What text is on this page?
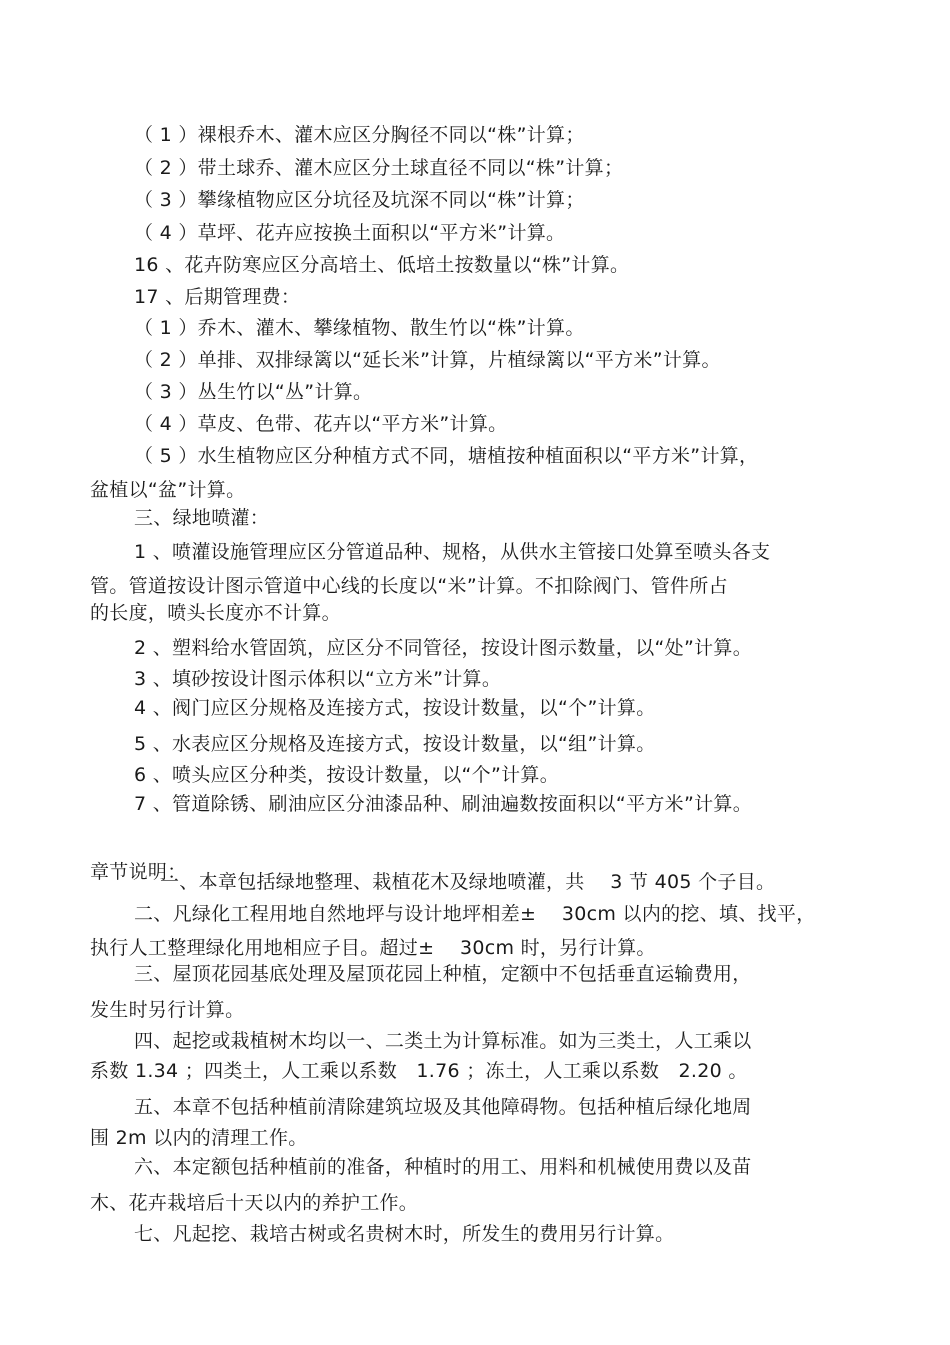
（ 1 ）裸根乔木、灌木应区分胸径不同以“株”计算；
（ 2 ）带土球乔、灌木应区分土球直径不同以“株”计算；
（ 3 ）攀缘植物应区分坑径及坑深不同以“株”计算；
（ 4 ）草坪、花卉应按换土面积以“平方米”计算。
16 、花卉防寒应区分高培土、低培土按数量以“株”计算。
17 、后期管理费：
（ 1 ）乔木、灌木、攀缘植物、散生竹以“株”计算。
（ 2 ）单排、双排绿篱以“延长米”计算，片植绿篱以“平方米”计算。
（ 3 ）丛生竹以“丛”计算。
（ 4 ）草皮、色带、花卉以“平方米”计算。
（ 5 ）水生植物应区分种植方式不同，塘植按种植面积以“平方米”计算，
盆植以“盆”计算。
三、绿地喷灌：
1 、喷灌设施管理应区分管道品种、规格，从供水主管接口处算至喷头各支
管。管道按设计图示管道中心线的长度以“米”计算。不扣除阀门、管件所占
的长度，喷头长度亦不计算。
2 、塑料给水管固筑，应区分不同管径，按设计图示数量，以“处”计算。
3 、填砂按设计图示体积以“立方米”计算。
4 、阀门应区分规格及连接方式，按设计数量，以“个”计算。
5 、水表应区分规格及连接方式，按设计数量，以“组”计算。
6 、喷头应区分种类，按设计数量，以“个”计算。
7 、管道除锈、刷油应区分油漆品种、刷油遍数按面积以“平方米”计算。
章节说明：
一、本章包括绿地整理、栽植花木及绿地喷灌，共　 3 节 405 个子目。
二、凡绿化工程用地自然地坪与设计地坪相差±　 30cm 以内的挖、填、找平，
执行人工整理绿化用地相应子目。超过±　 30cm 时，另行计算。
三、屋顶花园基底处理及屋顶花园上种植，定额中不包括垂直运输费用，
发生时另行计算。
四、起挖或栽植树木均以一、二类土为计算标准。如为三类土，人工乘以
系数 1.34 ；四类土，人工乘以系数　1.76 ；冻土，人工乘以系数　2.20 。
五、本章不包括种植前清除建筑垃圾及其他障碍物。包括种植后绿化地周
围 2m 以内的清理工作。
六、本定额包括种植前的准备，种植时的用工、用料和机械使用费以及苗
木、花卉栽培后十天以内的养护工作。
七、凡起挖、栽培古树或名贵树木时，所发生的费用另行计算。
